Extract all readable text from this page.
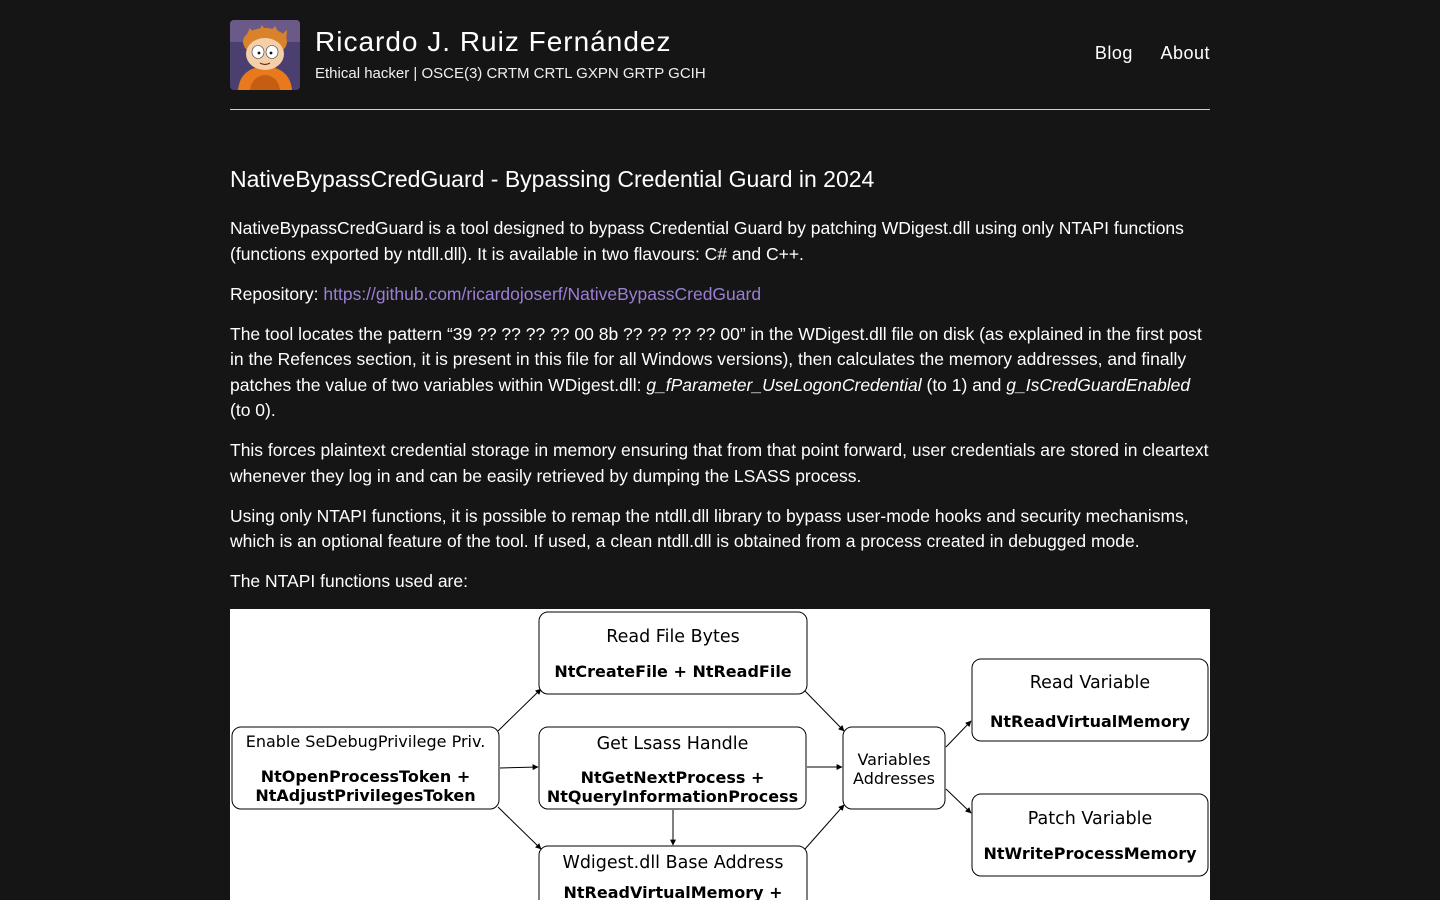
Ricardo J. Ruiz Fernández
Ethical hacker | OSCE(3) CRTM CRTL GXPN GRTP GCIH
Blog About
NativeBypassCredGuard - Bypassing Credential Guard in 2024

NativeBypassCredGuard is a tool designed to bypass Credential Guard by patching WDigest.dll using only NTAPI functions (functions exported by ntdll.dll). It is available in two flavours: C# and C++.

Repository: https://github.com/ricardojoserf/NativeBypassCredGuard

The tool locates the pattern “39 ?? ?? ?? ?? 00 8b ?? ?? ?? ?? 00” in the WDigest.dll file on disk (as explained in the first post in the Refences section, it is present in this file for all Windows versions), then calculates the memory addresses, and finally patches the value of two variables within WDigest.dll: g_fParameter_UseLogonCredential (to 1) and g_IsCredGuardEnabled (to 0).

This forces plaintext credential storage in memory ensuring that from that point forward, user credentials are stored in cleartext whenever they log in and can be easily retrieved by dumping the LSASS process.

Using only NTAPI functions, it is possible to remap the ntdll.dll library to bypass user-mode hooks and security mechanisms, which is an optional feature of the tool. If used, a clean ntdll.dll is obtained from a process created in debugged mode.

The NTAPI functions used are:

Enable SeDebugPrivilege Priv.
NtOpenProcessToken +
NtAdjustPrivilegesToken
Read File Bytes
NtCreateFile + NtReadFile
Get Lsass Handle
NtGetNextProcess +
NtQueryInformationProcess
Wdigest.dll Base Address
NtReadVirtualMemory +
Variables
Addresses
Read Variable
NtReadVirtualMemory
Patch Variable
NtWriteProcessMemory
